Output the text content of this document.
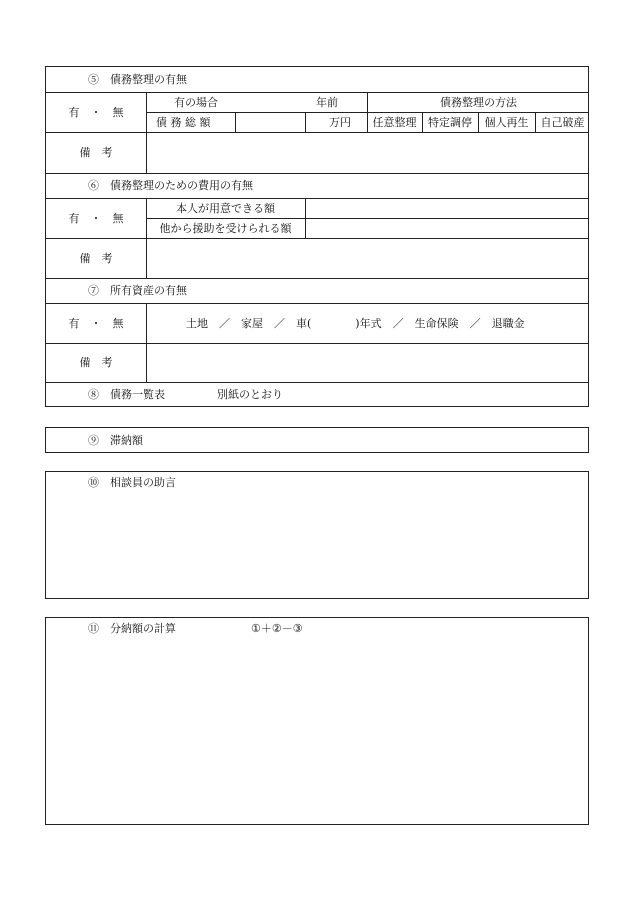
⑤　債務整理の有無
有　・　無
有の場合	年前	債務整理の方法
債 務 総 額	万円	任意整理	特定調停	個人再生	自己破産
備　考
⑥　債務整理のための費用の有無
有　・　無
本人が用意できる額
他から援助を受けられる額
備　考
⑦　所有資産の有無
有　・　無	土地　／　家屋　／　車(　　　　)年式　／　生命保険　／　退職金
備　考
⑧　債務一覧表	別紙のとおり
⑨　滞納額
⑩　相談員の助言
⑪　分納額の計算	①＋②－③
